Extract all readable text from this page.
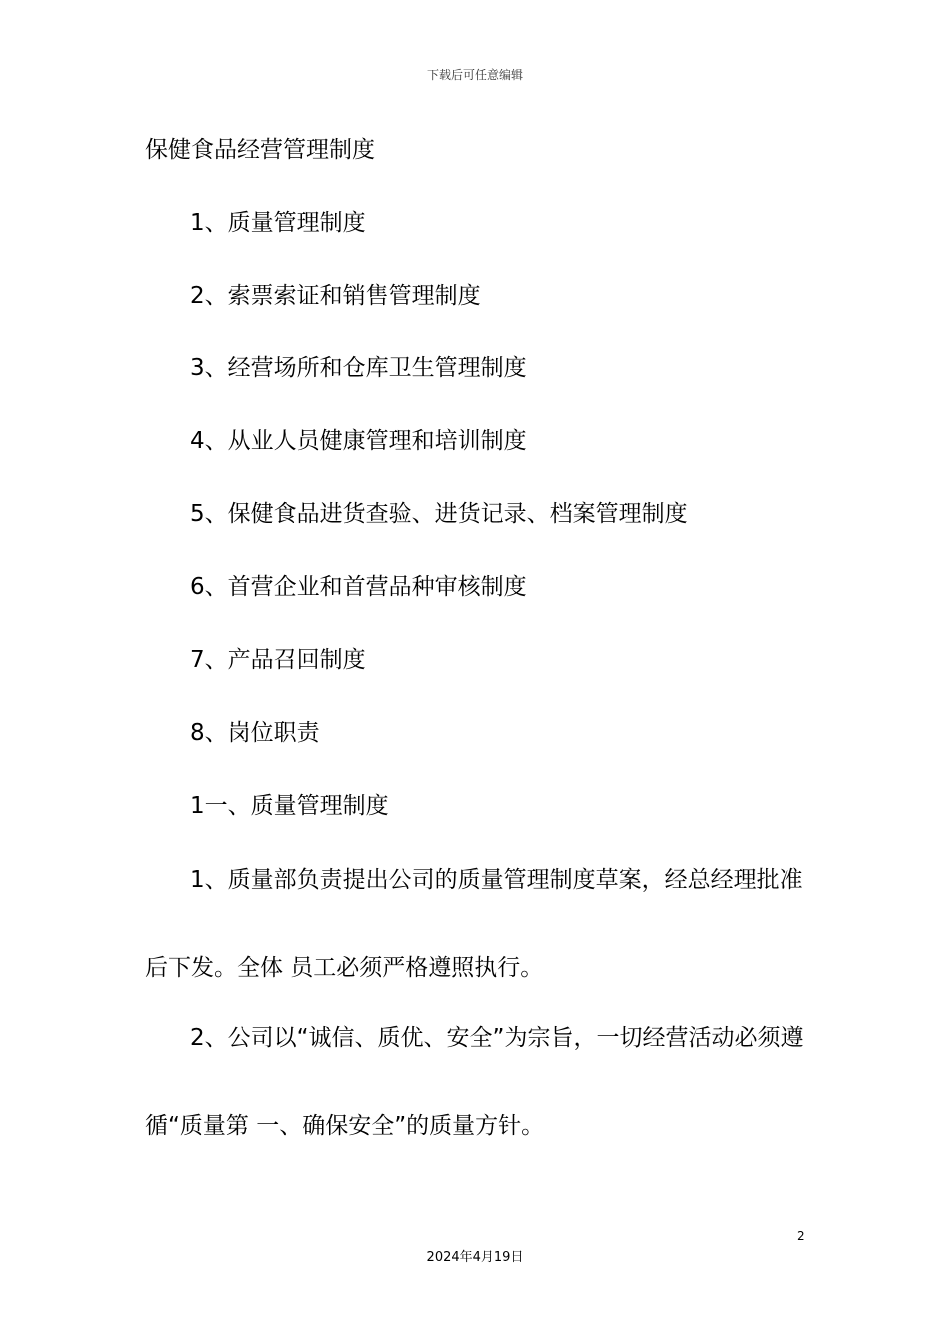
下载后可任意编辑
保健食品经营管理制度
1、质量管理制度
2、索票索证和销售管理制度
3、经营场所和仓库卫生管理制度
4、从业人员健康管理和培训制度
5、保健食品进货查验、进货记录、档案管理制度
6、首营企业和首营品种审核制度
7、产品召回制度
8、岗位职责
1一、质量管理制度
1、质量部负责提出公司的质量管理制度草案，经总经理批准
后下发。全体 员工必须严格遵照执行。
2、公司以“诚信、质优、安全”为宗旨，一切经营活动必须遵
循“质量第 一、确保安全”的质量方针。
2
2024年4月19日
